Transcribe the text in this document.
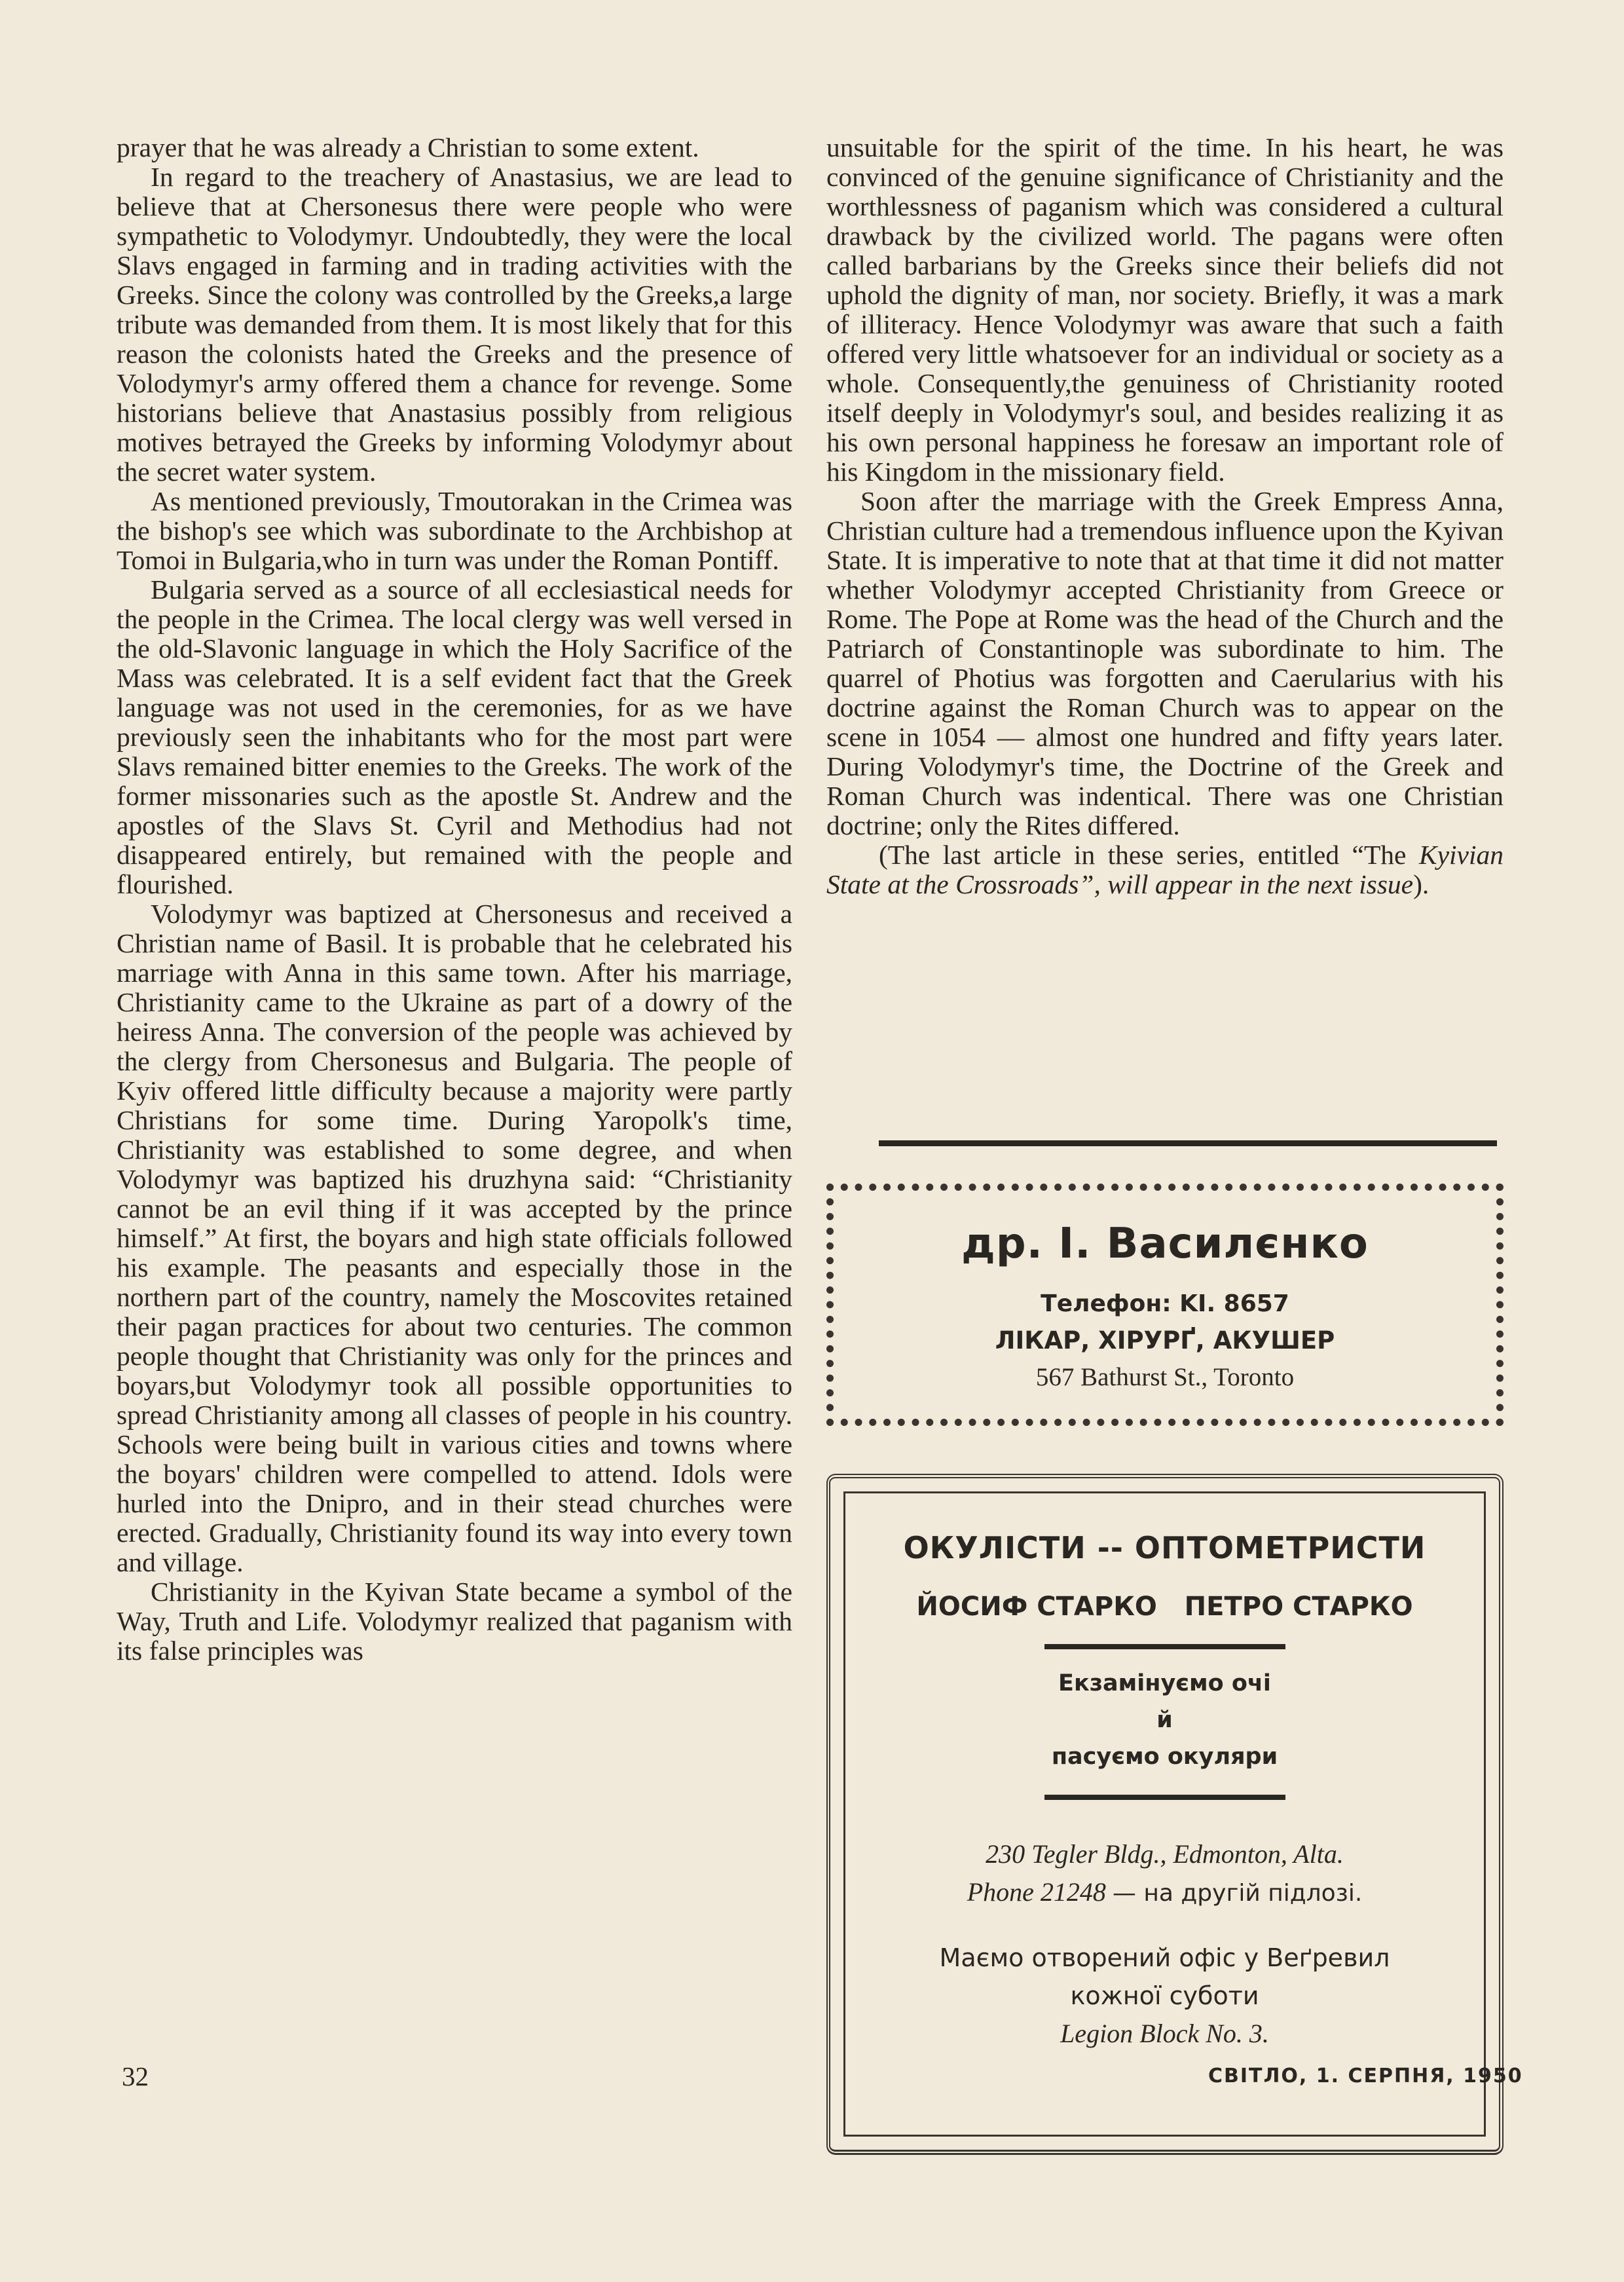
prayer that he was already a Christian to some extent.

In regard to the treachery of Anastasius, we are lead to believe that at Chersonesus there were people who were sympathetic to Volodymyr. Undoubtedly, they were the local Slavs engaged in farming and in trading activities with the Greeks. Since the colony was controlled by the Greeks,a large tribute was demanded from them. It is most likely that for this reason the colonists hated the Greeks and the presence of Volodymyr's army offered them a chance for revenge. Some historians believe that Anastasius possibly from religious motives betrayed the Greeks by informing Volodymyr about the secret water system.

As mentioned previously, Tmoutorakan in the Crimea was the bishop's see which was subordinate to the Archbishop at Tomoi in Bulgaria,who in turn was under the Roman Pontiff.

Bulgaria served as a source of all ecclesiastical needs for the people in the Crimea. The local clergy was well versed in the old-Slavonic language in which the Holy Sacrifice of the Mass was celebrated. It is a self evident fact that the Greek language was not used in the ceremonies, for as we have previously seen the inhabitants who for the most part were Slavs remained bitter enemies to the Greeks. The work of the former missonaries such as the apostle St. Andrew and the apostles of the Slavs St. Cyril and Methodius had not disappeared entirely, but remained with the people and flourished.

Volodymyr was baptized at Chersonesus and received a Christian name of Basil. It is probable that he celebrated his marriage with Anna in this same town. After his marriage, Christianity came to the Ukraine as part of a dowry of the heiress Anna. The conversion of the people was achieved by the clergy from Chersonesus and Bulgaria. The people of Kyiv offered little difficulty because a majority were partly Christians for some time. During Yaropolk's time, Christianity was established to some degree, and when Volodymyr was baptized his druzhyna said: “Christianity cannot be an evil thing if it was accepted by the prince himself.” At first, the boyars and high state officials followed his example. The peasants and especially those in the northern part of the country, namely the Moscovites retained their pagan practices for about two centuries. The common people thought that Christianity was only for the princes and boyars,but Volodymyr took all possible opportunities to spread Christianity among all classes of people in his country. Schools were being built in various cities and towns where the boyars' children were compelled to attend. Idols were hurled into the Dnipro, and in their stead churches were erected. Gradually, Christianity found its way into every town and village.

Christianity in the Kyivan State became a symbol of the Way, Truth and Life. Volodymyr realized that paganism with its false principles was

unsuitable for the spirit of the time. In his heart, he was convinced of the genuine significance of Christianity and the worthlessness of paganism which was considered a cultural drawback by the civilized world. The pagans were often called barbarians by the Greeks since their beliefs did not uphold the dignity of man, nor society. Briefly, it was a mark of illiteracy. Hence Volodymyr was aware that such a faith offered very little whatsoever for an individual or society as a whole. Consequently,the genuiness of Christianity rooted itself deeply in Volodymyr's soul, and besides realizing it as his own personal happiness he foresaw an important role of his Kingdom in the missionary field.

Soon after the marriage with the Greek Empress Anna, Christian culture had a tremendous influence upon the Kyivan State. It is imperative to note that at that time it did not matter whether Volodymyr accepted Christianity from Greece or Rome. The Pope at Rome was the head of the Church and the Patriarch of Constantinople was subordinate to him. The quarrel of Photius was forgotten and Caerularius with his doctrine against the Roman Church was to appear on the scene in 1054 — almost one hundred and fifty years later. During Volodymyr's time, the Doctrine of the Greek and Roman Church was indentical. There was one Christian doctrine; only the Rites differed.

(The last article in these series, entitled “The Kyivian State at the Crossroads”, will appear in the next issue).

др. I. Василєнко
Телефон: KI. 8657
ЛІКАР, ХІРУРҐ, АКУШЕР
567 Bathurst St., Toronto
ОКУЛІСТИ -- ОПТОМЕТРИСТИ
ЙОСИФ СТАРКО   ПЕТРО СТАРКО
Екзамінуємо очі
й
пасуємо окуляри
230 Tegler Bldg., Edmonton, Alta.
Phone 21248 — на другій підлозі.
Маємо отворений офіс у Веґревил
кожної суботи
Legion Block No. 3.
32	СВІТЛО, 1. СЕРПНЯ, 1950
